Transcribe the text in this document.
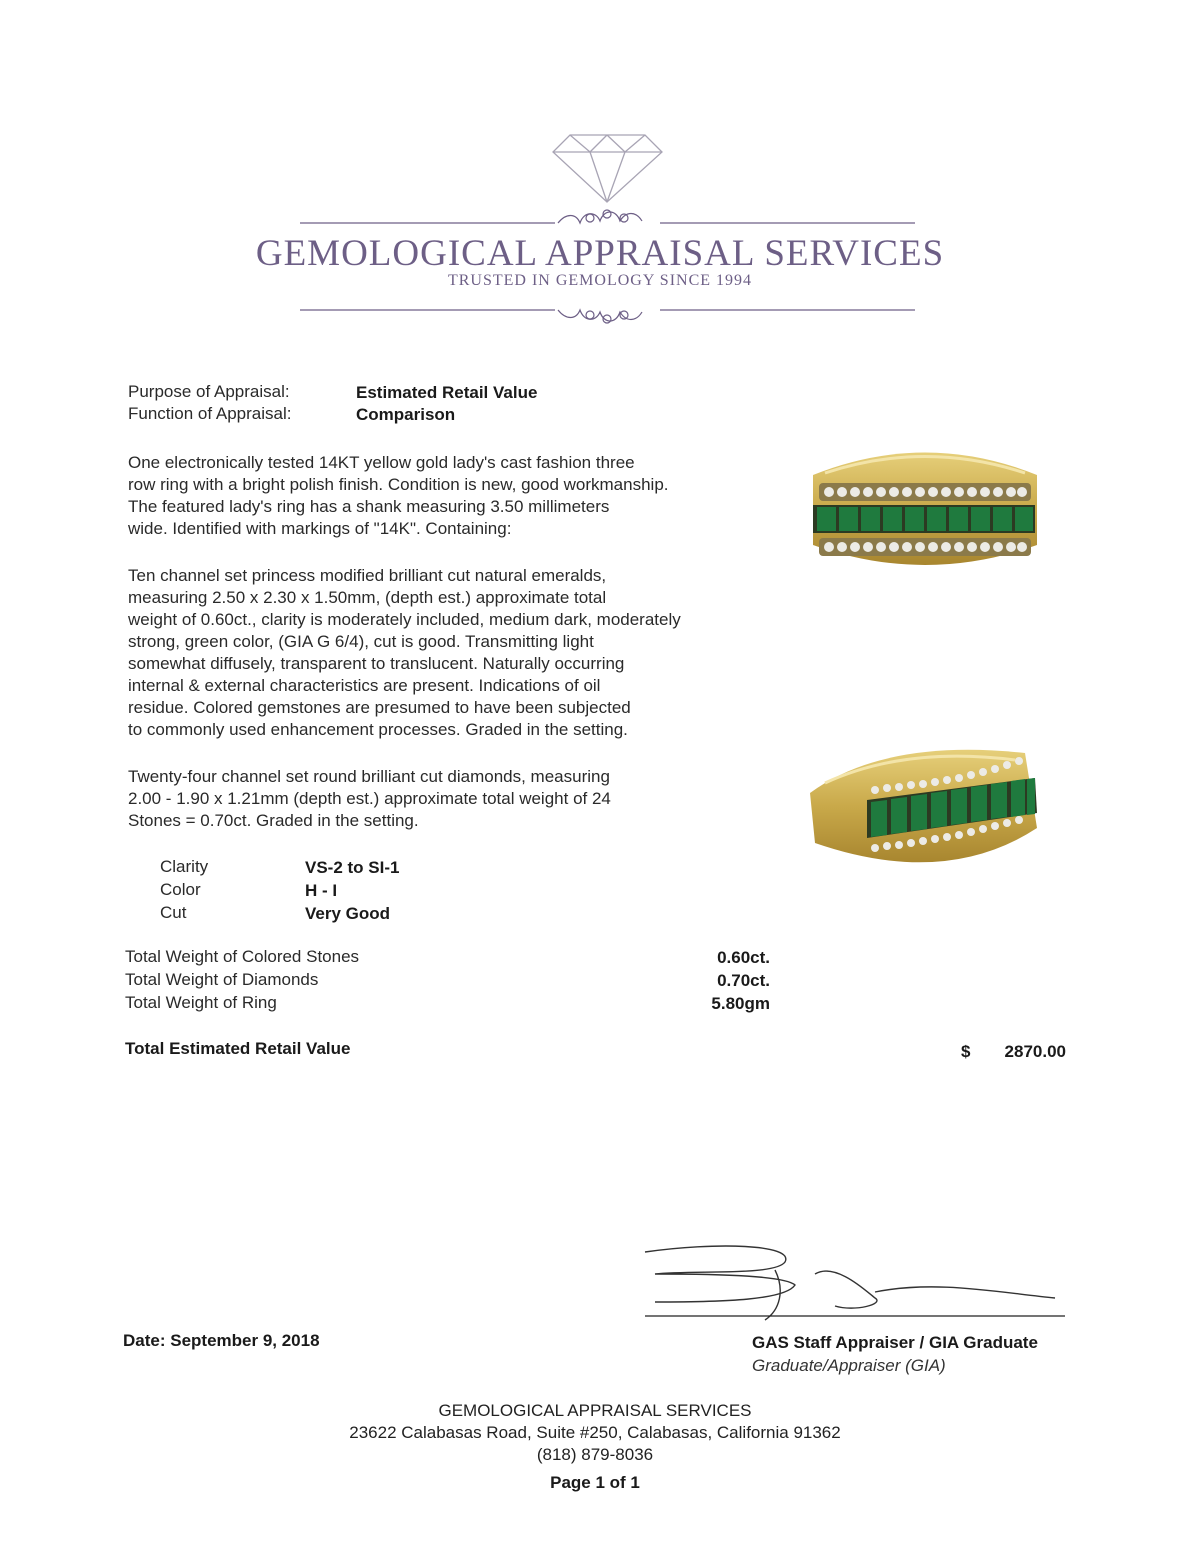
GEMOLOGICAL APPRAISAL SERVICES
TRUSTED IN GEMOLOGY SINCE 1994
Purpose of Appraisal:	Estimated Retail Value
Function of Appraisal:	Comparison
One electronically tested 14KT yellow gold lady's cast fashion three
row ring with a bright polish finish. Condition is new, good workmanship.
The featured lady's ring has a shank measuring 3.50 millimeters
wide. Identified with markings of "14K". Containing:
Ten channel set princess modified brilliant cut natural emeralds,
measuring 2.50 x 2.30 x 1.50mm, (depth est.) approximate total
weight of 0.60ct., clarity is moderately included, medium dark, moderately
strong, green color, (GIA G 6/4), cut is good. Transmitting light
somewhat diffusely, transparent to translucent. Naturally occurring
internal & external characteristics are present. Indications of oil
residue. Colored gemstones are presumed to have been subjected
to commonly used enhancement processes. Graded in the setting.
Twenty-four channel set round brilliant cut diamonds, measuring
2.00 - 1.90 x 1.21mm (depth est.) approximate total weight of 24
Stones = 0.70ct. Graded in the setting.
Clarity	VS-2 to SI-1
Color	H - I
Cut	Very Good
Total Weight of Colored Stones	0.60ct.
Total Weight of Diamonds	0.70ct.
Total Weight of Ring	5.80gm
Total Estimated Retail Value	$	2870.00
Date: September 9, 2018	GAS Staff Appraiser / GIA Graduate
Graduate/Appraiser (GIA)
GEMOLOGICAL APPRAISAL SERVICES
23622 Calabasas Road, Suite #250, Calabasas, California 91362
(818) 879-8036
Page 1 of 1
